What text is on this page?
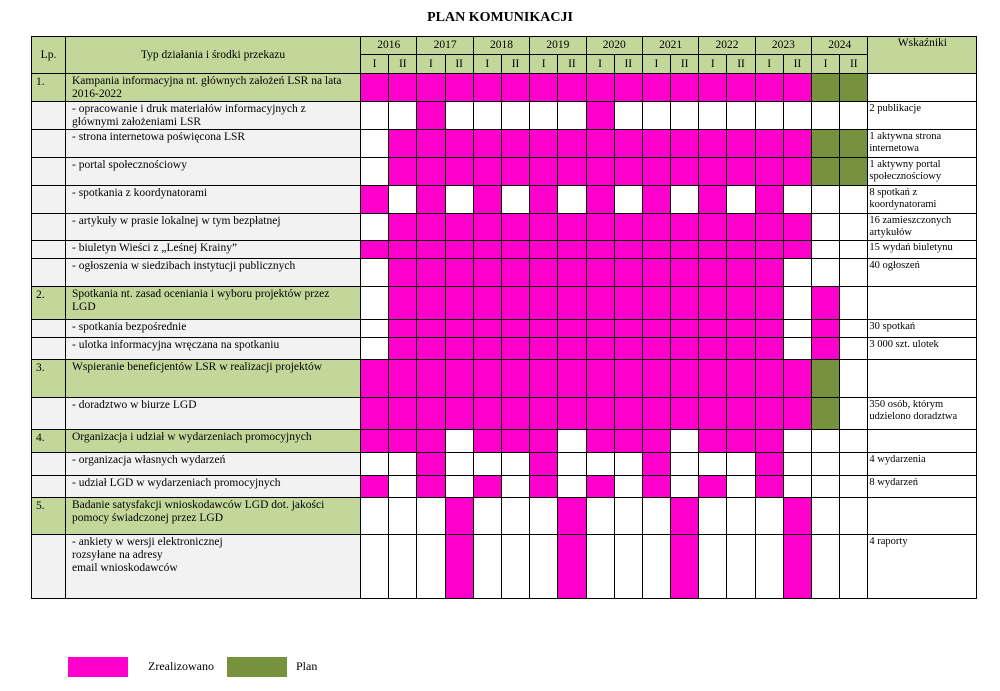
PLAN KOMUNIKACJI
Lp.	Typ działania i środki przekazu	2016		2017		2018		2019		2020		2021		2022		2023		2024		Wskaźniki
		I	II	I	II	I	II	I	II	I	II	I	II	I	II	I	II	I	II	
1.	Kampania informacyjna nt. głównych założeń LSR na lata 2016-2022																			
	- opracowanie i druk materiałów informacyjnych z głównymi założeniami LSR																			2 publikacje
	- strona internetowa poświęcona LSR																			1 aktywna strona internetowa
	- portal społecznościowy																			1 aktywny portal społecznościowy
	- spotkania z koordynatorami																			8 spotkań z koordynatorami
	- artykuły w prasie lokalnej w tym bezpłatnej																			16 zamieszczonych artykułów
	- biuletyn Wieści z „Leśnej Krainy”																			15 wydań biuletynu
	- ogłoszenia w siedzibach instytucji publicznych																			40 ogłoszeń
2.	Spotkania nt. zasad oceniania i wyboru projektów przez LGD																			
	- spotkania bezpośrednie																			30 spotkań
	- ulotka informacyjna wręczana na spotkaniu																			3 000 szt. ulotek
3.	Wspieranie beneficjentów LSR w realizacji projektów																			
	- doradztwo w biurze LGD																			350 osób, którym udzielono doradztwa
4.	Organizacja i udział w wydarzeniach promocyjnych																			
	- organizacja własnych wydarzeń																			4 wydarzenia
	- udział LGD w wydarzeniach promocyjnych																			8 wydarzeń
5.	Badanie satysfakcji wnioskodawców LGD dot. jakości pomocy świadczonej przez LGD																			
	- ankiety w wersji elektronicznej
rozsyłane na adresy
email wnioskodawców																			4 raporty
Zrealizowano	Plan
